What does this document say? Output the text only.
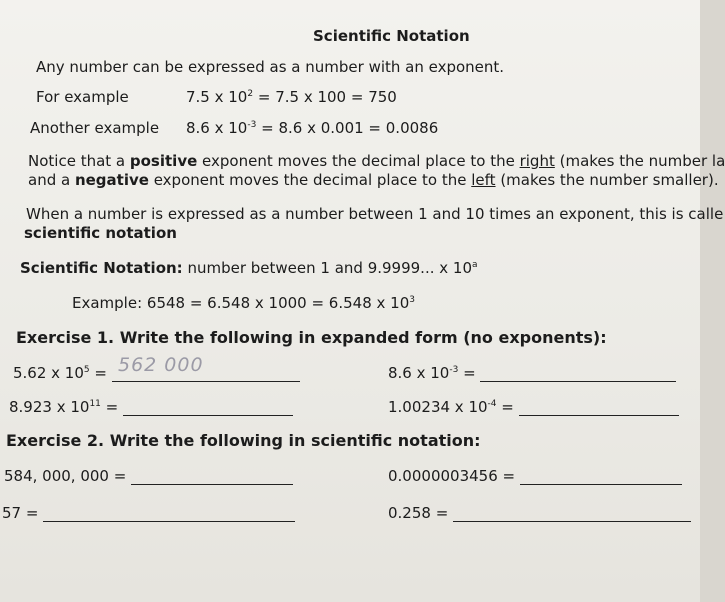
Scientific Notation
Any number can be expressed as a number with an exponent.
For example	7.5 x $10^2 = 7.5$ x 100 = 750
Another example 8.6 x $10^{-3} = 8.6$ x 0.001 = 0.0086
Notice that a positive exponent moves the decimal place to the right (makes the number la
and a negative exponent moves the decimal place to the left (makes the number smaller).
When a number is expressed as a number between 1 and 10 times an exponent, this is calle
scientific notation
Scientific Notation: number between 1 and 9.9999... x 10$^a$
Example: 6548 = 6.548 x 1000 = 6.548 x $10^3$
Exercise 1. Write the following in expanded form (no exponents):
5.62 x $10^5 = 562$ 000	8.6 x $10^{-3}$ =
8.923 x $10^{11}$ =	1.00234 x $10^{-4}$ =
Exercise 2. Write the following in scientific notation:
584, 000, 000 =	0.0000003456 =
57 =	0.258 =
